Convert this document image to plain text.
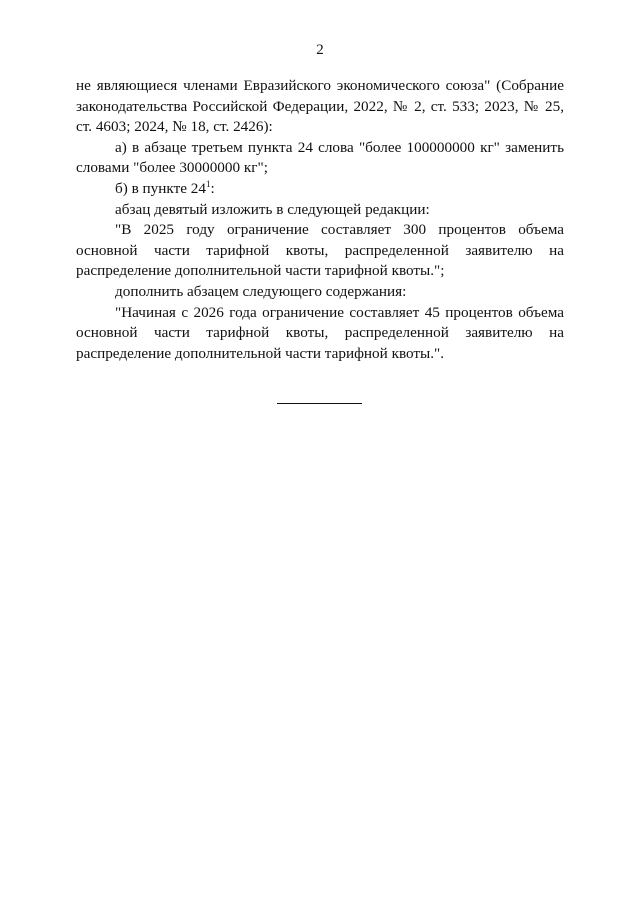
2

не являющиеся членами Евразийского экономического союза" (Собрание законодательства Российской Федерации, 2022, № 2, ст. 533; 2023, № 25, ст. 4603; 2024, № 18, ст. 2426):

а) в абзаце третьем пункта 24 слова "более 100000000 кг" заменить словами "более 30000000 кг";

б) в пункте $24^1$:

абзац девятый изложить в следующей редакции:

"В 2025 году ограничение составляет 300 процентов объема основной части тарифной квоты, распределенной заявителю на распределение дополнительной части тарифной квоты.";

дополнить абзацем следующего содержания:

"Начиная с 2026 года ограничение составляет 45 процентов объема основной части тарифной квоты, распределенной заявителю на распределение дополнительной части тарифной квоты.".
